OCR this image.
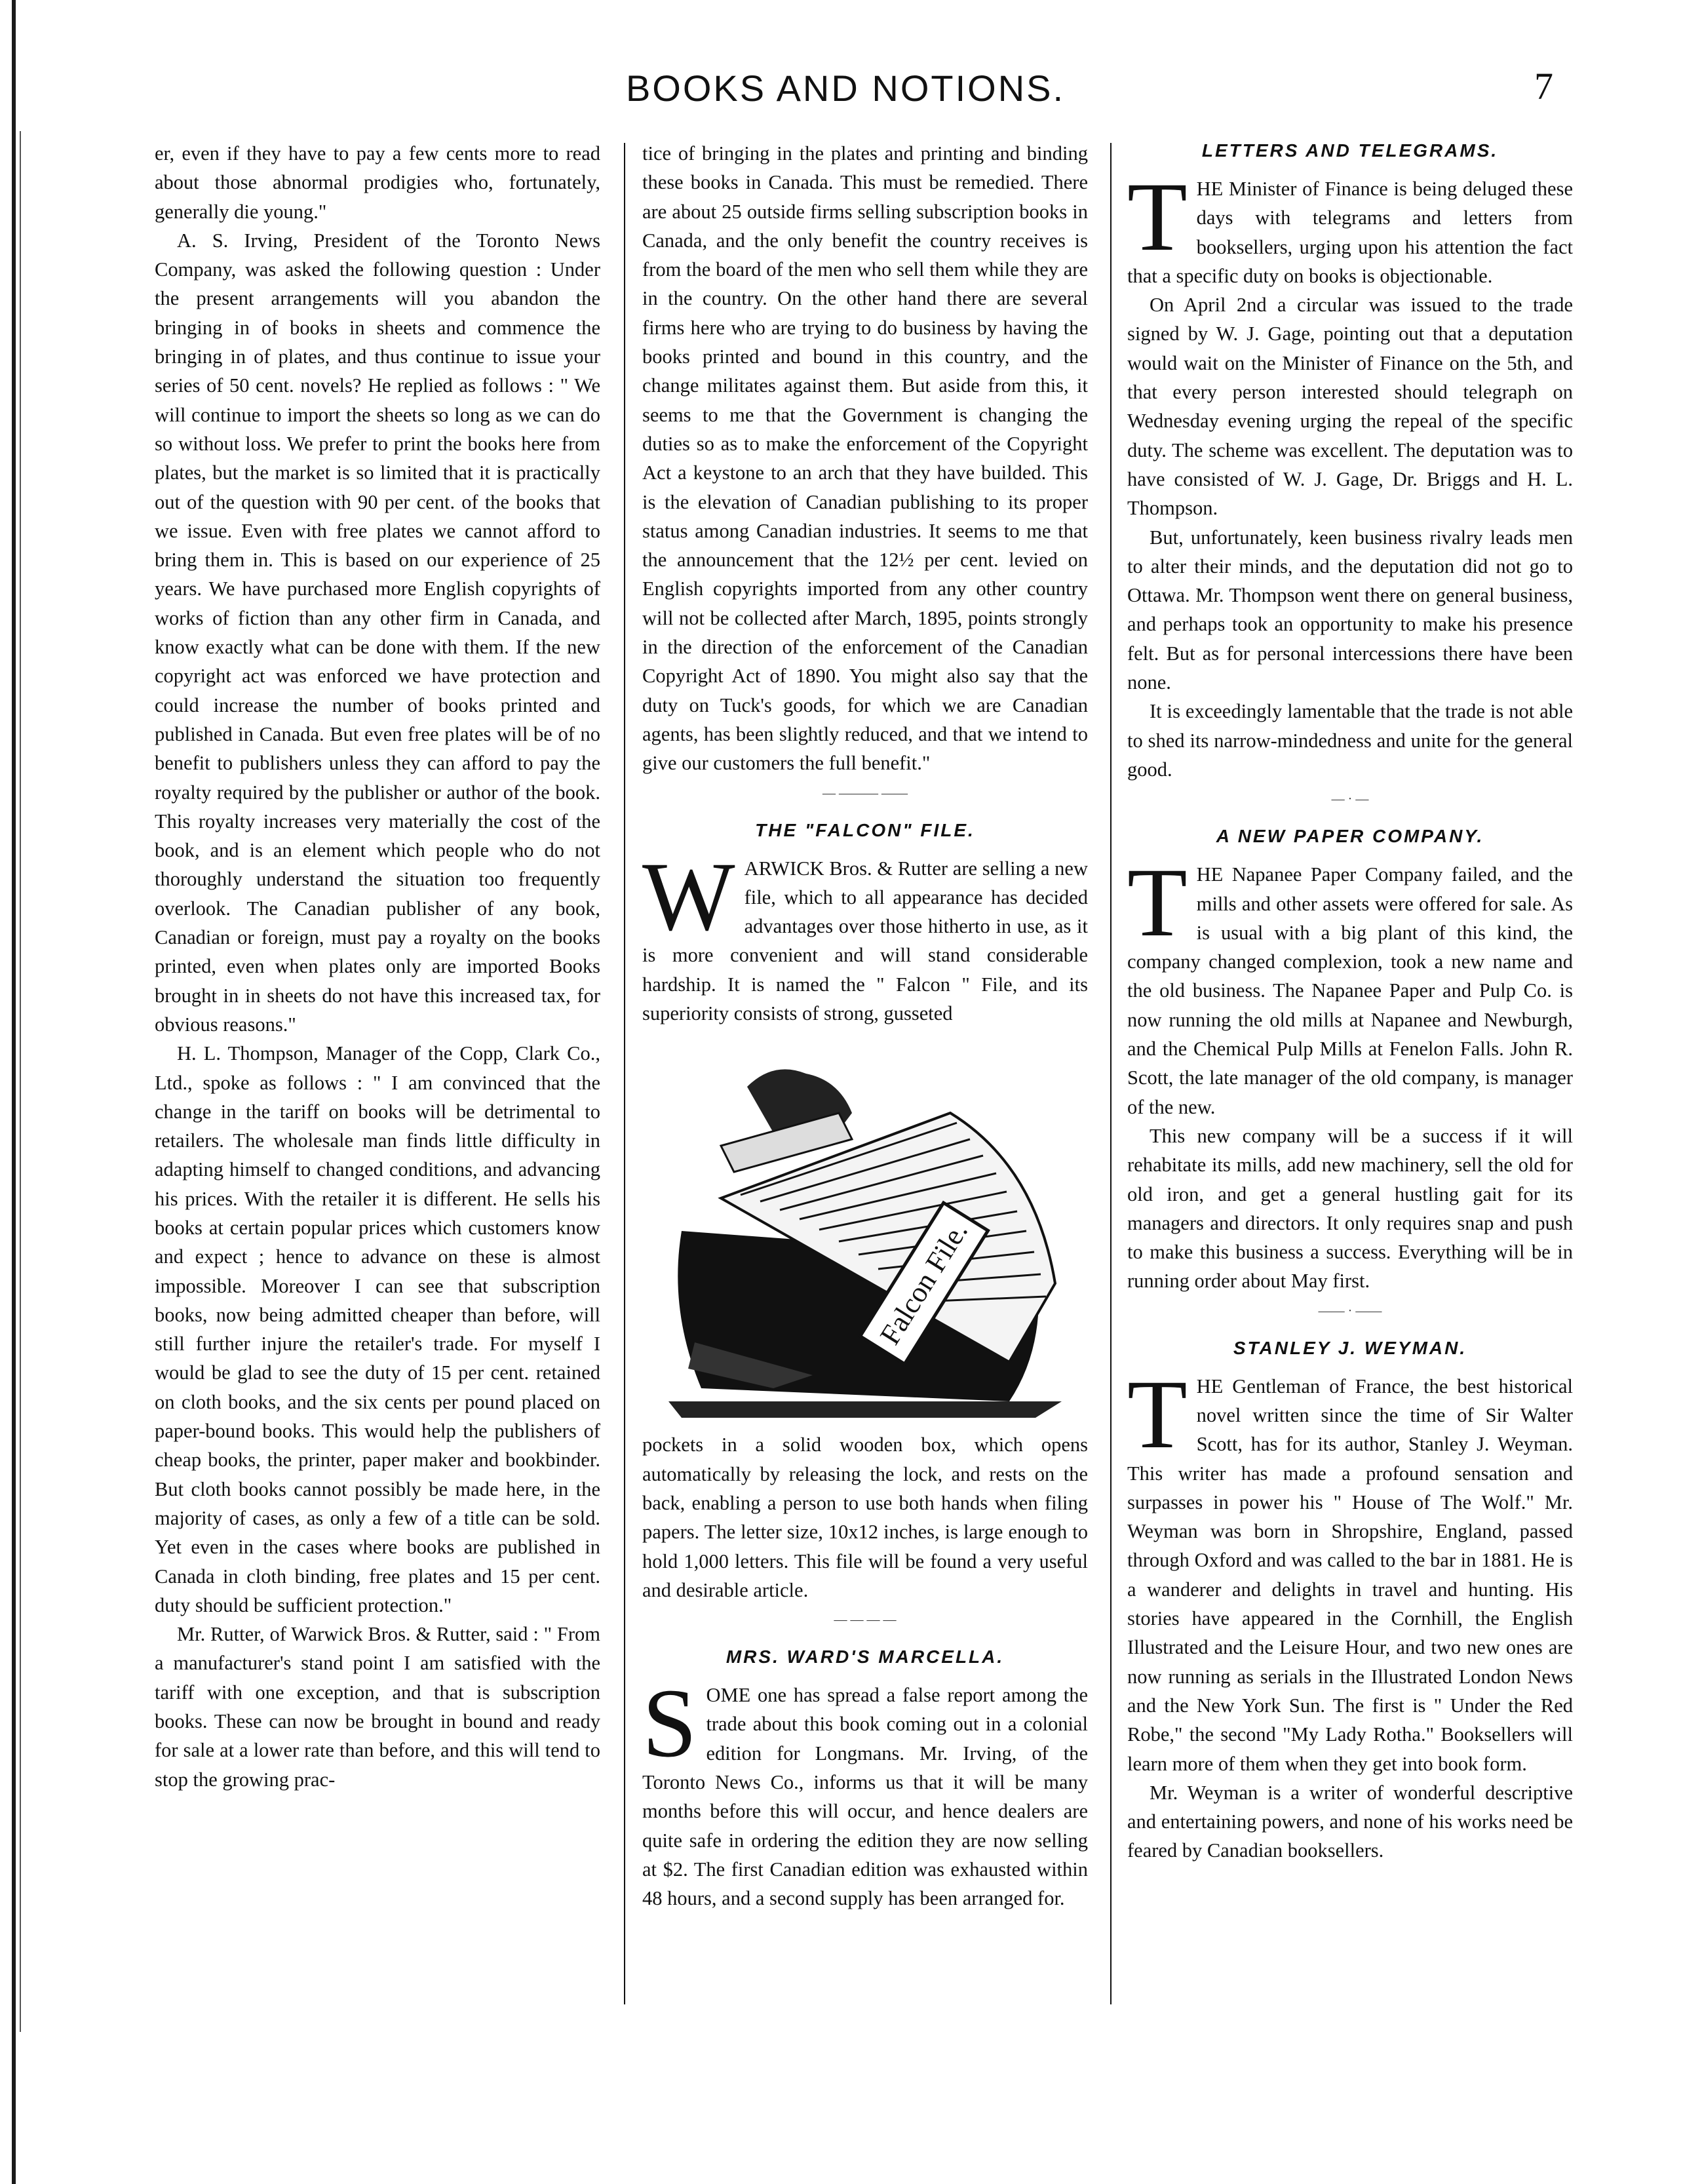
BOOKS AND NOTIONS.	7

er, even if they have to pay a few cents more to read about those abnormal prodigies who, fortunately, generally die young."

A. S. Irving, President of the Toronto News Company, was asked the following question : Under the present arrangements will you abandon the bringing in of books in sheets and commence the bringing in of plates, and thus continue to issue your series of 50 cent. novels? He replied as follows : " We will continue to import the sheets so long as we can do so without loss. We prefer to print the books here from plates, but the market is so limited that it is practically out of the question with 90 per cent. of the books that we issue. Even with free plates we cannot afford to bring them in. This is based on our experience of 25 years. We have purchased more English copyrights of works of fiction than any other firm in Canada, and know exactly what can be done with them. If the new copyright act was enforced we have protection and could increase the number of books printed and published in Canada. But even free plates will be of no benefit to publishers unless they can afford to pay the royalty required by the publisher or author of the book. This royalty increases very materially the cost of the book, and is an element which people who do not thoroughly understand the situation too frequently overlook. The Canadian publisher of any book, Canadian or foreign, must pay a royalty on the books printed, even when plates only are imported Books brought in in sheets do not have this increased tax, for obvious reasons."

H. L. Thompson, Manager of the Copp, Clark Co., Ltd., spoke as follows : " I am convinced that the change in the tariff on books will be detrimental to retailers. The wholesale man finds little difficulty in adapting himself to changed conditions, and advancing his prices. With the retailer it is different. He sells his books at certain popular prices which customers know and expect ; hence to advance on these is almost impossible. Moreover I can see that subscription books, now being admitted cheaper than before, will still further injure the retailer's trade. For myself I would be glad to see the duty of 15 per cent. retained on cloth books, and the six cents per pound placed on paper-bound books. This would help the publishers of cheap books, the printer, paper maker and bookbinder. But cloth books cannot possibly be made here, in the majority of cases, as only a few of a title can be sold. Yet even in the cases where books are published in Canada in cloth binding, free plates and 15 per cent. duty should be sufficient protection."

Mr. Rutter, of Warwick Bros. & Rutter, said : " From a manufacturer's stand point I am satisfied with the tariff with one exception, and that is subscription books. These can now be brought in bound and ready for sale at a lower rate than before, and this will tend to stop the growing prac-

tice of bringing in the plates and printing and binding these books in Canada. This must be remedied. There are about 25 outside firms selling subscription books in Canada, and the only benefit the country receives is from the board of the men who sell them while they are in the country. On the other hand there are several firms here who are trying to do business by having the books printed and bound in this country, and the change militates against them. But aside from this, it seems to me that the Government is changing the duties so as to make the enforcement of the Copyright Act a keystone to an arch that they have builded. This is the elevation of Canadian publishing to its proper status among Canadian industries. It seems to me that the announcement that the 12½ per cent. levied on English copyrights imported from any other country will not be collected after March, 1895, points strongly in the direction of the enforcement of the Canadian Copyright Act of 1890. You might also say that the duty on Tuck's goods, for which we are Canadian agents, has been slightly reduced, and that we intend to give our customers the full benefit."

— ——— ——
THE "FALCON" FILE.

WARWICK Bros. & Rutter are selling a new file, which to all appearance has decided advantages over those hitherto in use, as it is more convenient and will stand considerable hardship. It is named the " Falcon " File, and its superiority consists of strong, gusseted

Falcon File.

pockets in a solid wooden box, which opens automatically by releasing the lock, and rests on the back, enabling a person to use both hands when filing papers. The letter size, 10x12 inches, is large enough to hold 1,000 letters. This file will be found a very useful and desirable article.

— — — —
MRS. WARD'S MARCELLA.

SOME one has spread a false report among the trade about this book coming out in a colonial edition for Longmans. Mr. Irving, of the Toronto News Co., informs us that it will be many months before this will occur, and hence dealers are quite safe in ordering the edition they are now selling at $2. The first Canadian edition was exhausted within 48 hours, and a second supply has been arranged for.

LETTERS AND TELEGRAMS.

THE Minister of Finance is being deluged these days with telegrams and letters from booksellers, urging upon his attention the fact that a specific duty on books is objectionable.

On April 2nd a circular was issued to the trade signed by W. J. Gage, pointing out that a deputation would wait on the Minister of Finance on the 5th, and that every person interested should telegraph on Wednesday evening urging the repeal of the specific duty. The scheme was excellent. The deputation was to have consisted of W. J. Gage, Dr. Briggs and H. L. Thompson.

But, unfortunately, keen business rivalry leads men to alter their minds, and the deputation did not go to Ottawa. Mr. Thompson went there on general business, and perhaps took an opportunity to make his presence felt. But as for personal intercessions there have been none.

It is exceedingly lamentable that the trade is not able to shed its narrow-mindedness and unite for the general good.

— · —
A NEW PAPER COMPANY.

THE Napanee Paper Company failed, and the mills and other assets were offered for sale. As is usual with a big plant of this kind, the company changed complexion, took a new name and the old business. The Napanee Paper and Pulp Co. is now running the old mills at Napanee and Newburgh, and the Chemical Pulp Mills at Fenelon Falls. John R. Scott, the late manager of the old company, is manager of the new.

This new company will be a success if it will rehabitate its mills, add new machinery, sell the old for old iron, and get a general hustling gait for its managers and directors. It only requires snap and push to make this business a success. Everything will be in running order about May first.

—— · ——
STANLEY J. WEYMAN.

THE Gentleman of France, the best historical novel written since the time of Sir Walter Scott, has for its author, Stanley J. Weyman. This writer has made a profound sensation and surpasses in power his " House of The Wolf." Mr. Weyman was born in Shropshire, England, passed through Oxford and was called to the bar in 1881. He is a wanderer and delights in travel and hunting. His stories have appeared in the Cornhill, the English Illustrated and the Leisure Hour, and two new ones are now running as serials in the Illustrated London News and the New York Sun. The first is " Under the Red Robe," the second "My Lady Rotha." Booksellers will learn more of them when they get into book form.

Mr. Weyman is a writer of wonderful descriptive and entertaining powers, and none of his works need be feared by Canadian booksellers.
